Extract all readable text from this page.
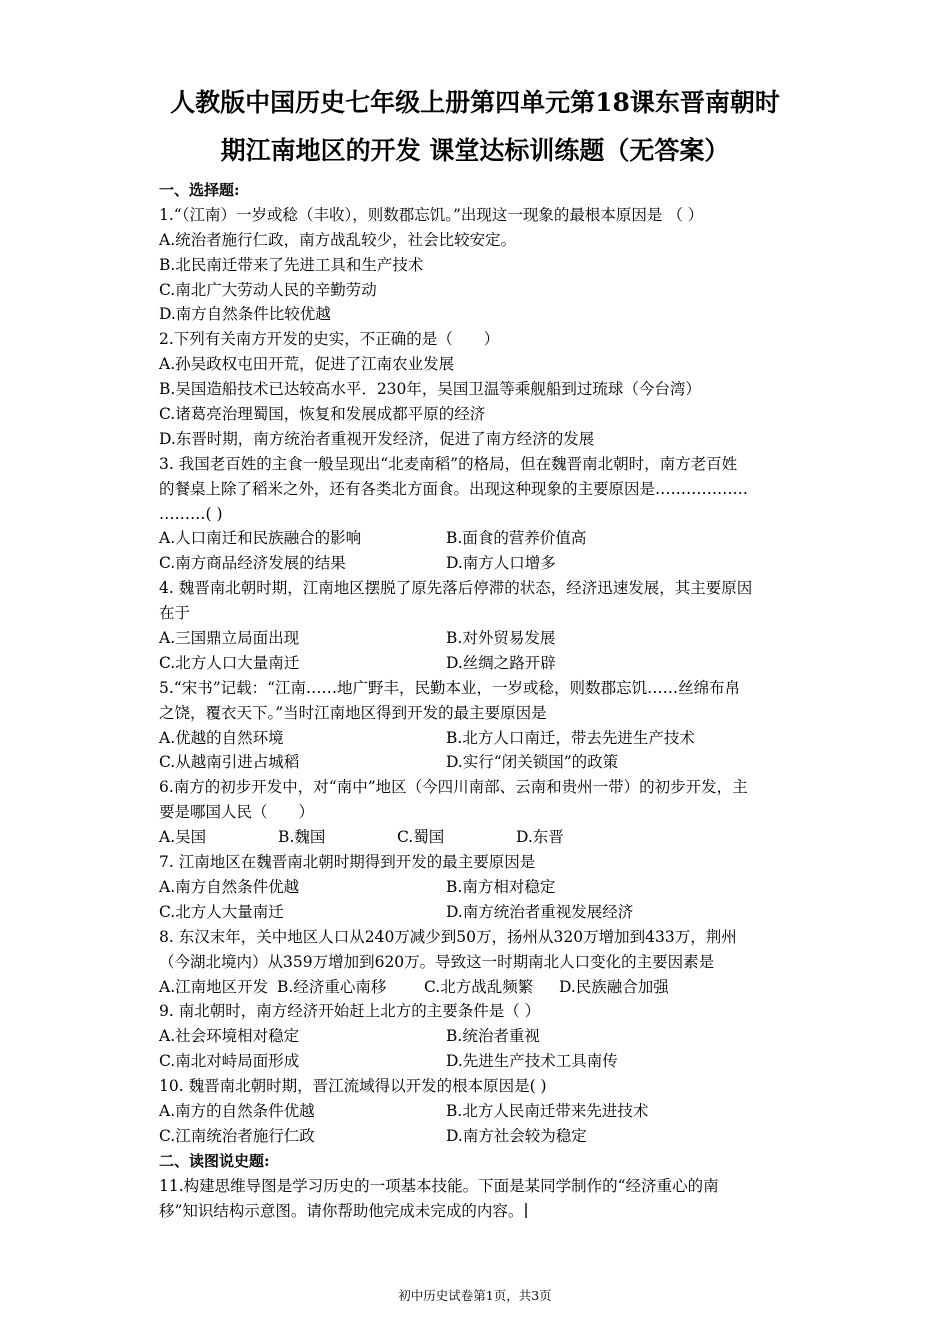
人教版中国历史七年级上册第四单元第18课东晋南朝时
期江南地区的开发 课堂达标训练题（无答案）
一、选择题:
1.“（江南）一岁或稔（丰收），则数郡忘饥。”出现这一现象的最根本原因是 （ ）
A.统治者施行仁政，南方战乱较少，社会比较安定。
B.北民南迁带来了先进工具和生产技术
C.南北广大劳动人民的辛勤劳动
D.南方自然条件比较优越
2.下列有关南方开发的史实，不正确的是（　　）
A.孙吴政权屯田开荒，促进了江南农业发展
B.吴国造船技术已达较高水平．230年，吴国卫温等乘舰船到过琉球（今台湾）
C.诸葛亮治理蜀国，恢复和发展成都平原的经济
D.东晋时期，南方统治者重视开发经济，促进了南方经济的发展
3. 我国老百姓的主食一般呈现出“北麦南稻”的格局，但在魏晋南北朝时，南方老百姓
的餐桌上除了稻米之外，还有各类北方面食。出现这种现象的主要原因是………………
………( )
A.人口南迁和民族融合的影响	B.面食的营养价值高
C.南方商品经济发展的结果	D.南方人口增多
4. 魏晋南北朝时期，江南地区摆脱了原先落后停滞的状态，经济迅速发展，其主要原因
在于
A.三国鼎立局面出现	B.对外贸易发展
C.北方人口大量南迁	D.丝绸之路开辟
5.“宋书”记载：“江南……地广野丰，民勤本业，一岁或稔，则数郡忘饥……丝绵布帛
之饶，覆衣天下。”当时江南地区得到开发的最主要原因是
A.优越的自然环境	B.北方人口南迁，带去先进生产技术
C.从越南引进占城稻	D.实行“闭关锁国”的政策
6.南方的初步开发中，对“南中”地区（今四川南部、云南和贵州一带）的初步开发，主
要是哪国人民（　　）
A.吴国	B.魏国	C.蜀国	D.东晋
7. 江南地区在魏晋南北朝时期得到开发的最主要原因是
A.南方自然条件优越	B.南方相对稳定
C.北方人大量南迁	D.南方统治者重视发展经济
8. 东汉末年，关中地区人口从240万减少到50万，扬州从320万增加到433万，荆州
（今湖北境内）从359万增加到620万。导致这一时期南北人口变化的主要因素是
A.江南地区开发 B.经济重心南移	C.北方战乱频繁	D.民族融合加强
9. 南北朝时，南方经济开始赶上北方的主要条件是（ ）
A.社会环境相对稳定	B.统治者重视
C.南北对峙局面形成	D.先进生产技术工具南传
10. 魏晋南北朝时期，晋江流域得以开发的根本原因是( )
A.南方的自然条件优越	B.北方人民南迁带来先进技术
C.江南统治者施行仁政	D.南方社会较为稳定
二、读图说史题:
11.构建思维导图是学习历史的一项基本技能。下面是某同学制作的“经济重心的南
移”知识结构示意图。请你帮助他完成未完成的内容。
初中历史试卷第1页，共3页
